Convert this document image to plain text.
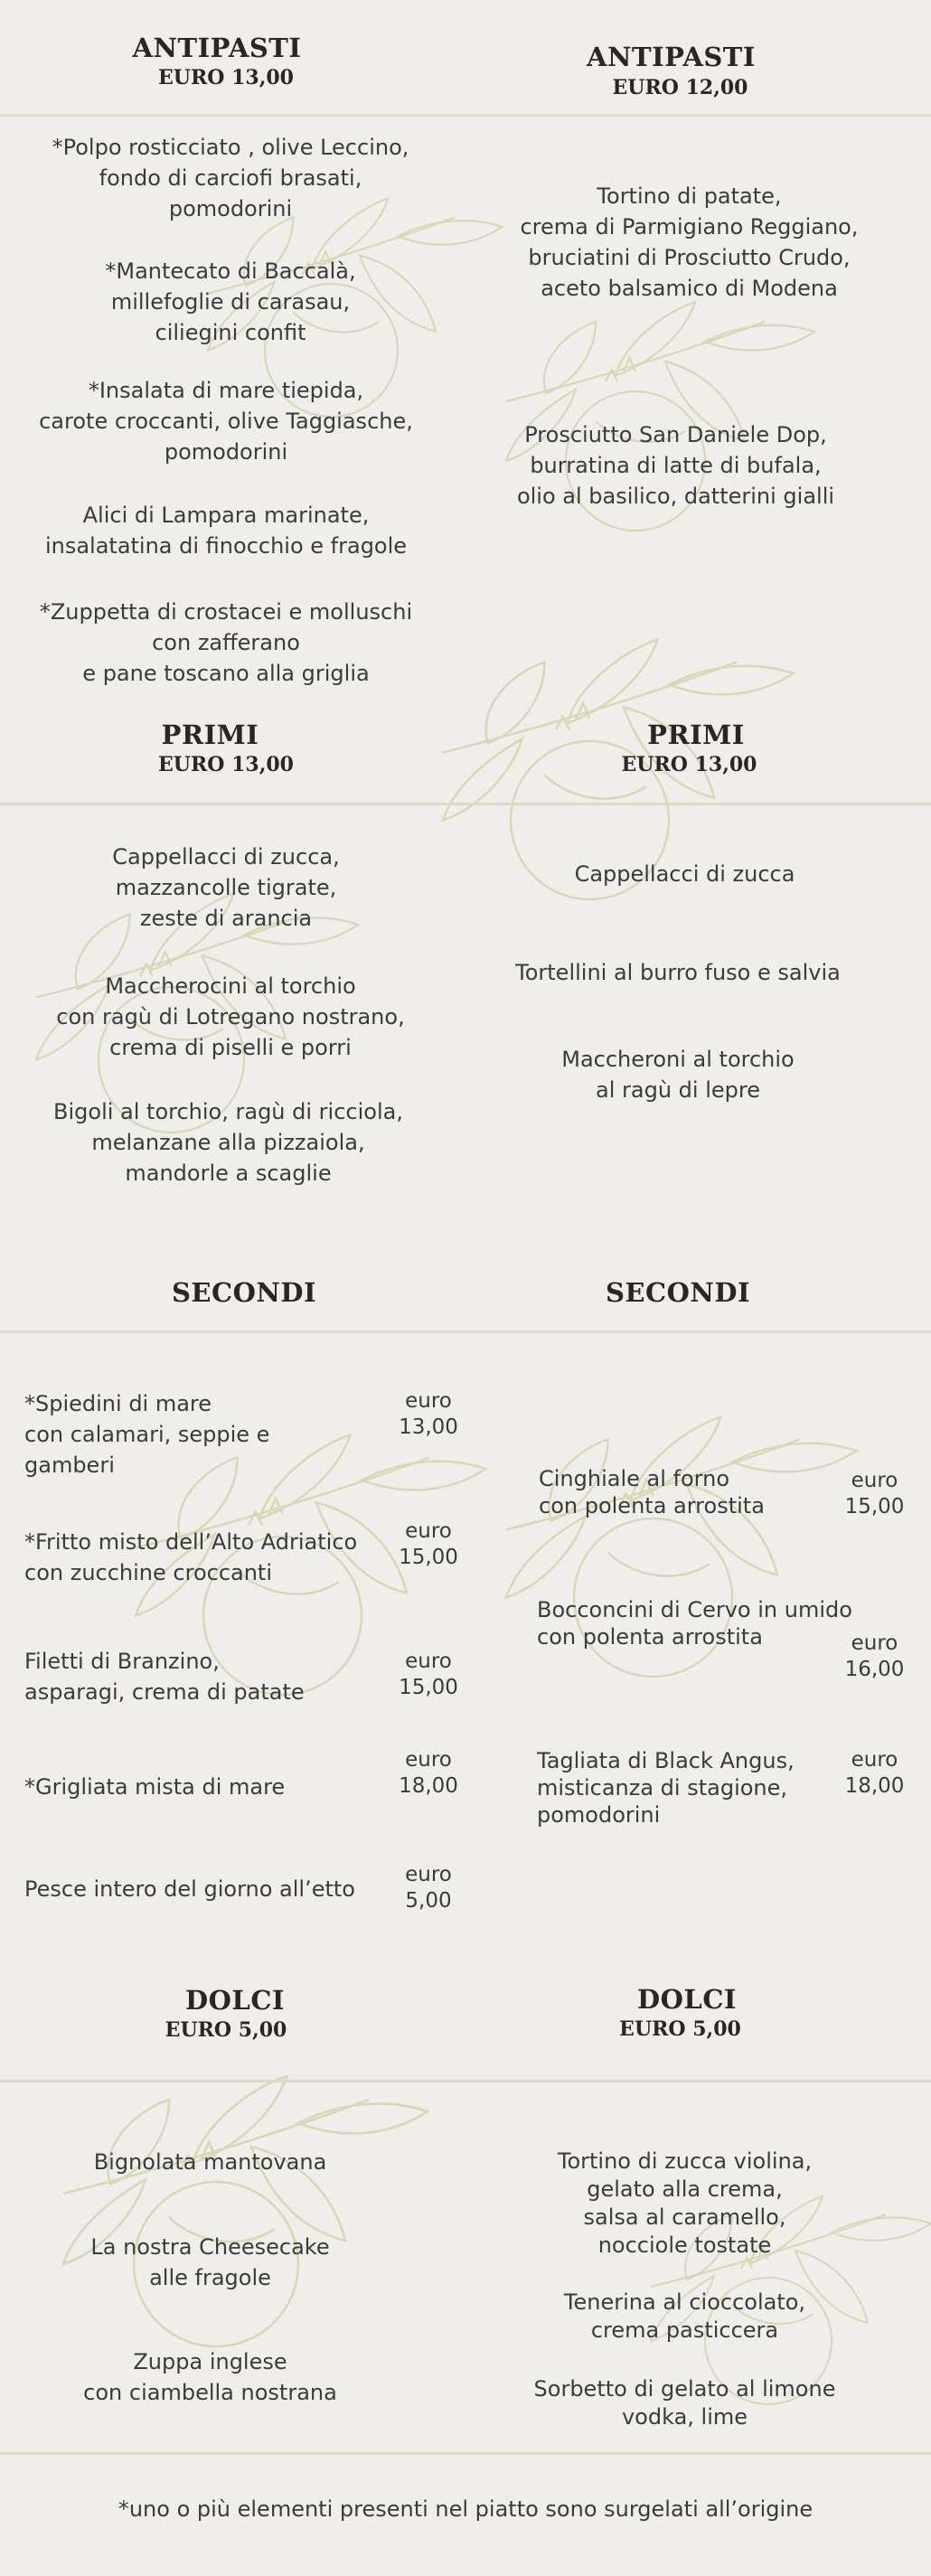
ANTIPASTI
EURO 13,00
ANTIPASTI
EURO 12,00
*Polpo rosticciato , olive Leccino,
fondo di carciofi brasati,
pomodorini
*Mantecato di Baccalà,
millefoglie di carasau,
ciliegini confit
*Insalata di mare tiepida,
carote croccanti, olive Taggiasche,
pomodorini
Alici di Lampara marinate,
insalatatina di finocchio e fragole
*Zuppetta di crostacei e molluschi
con zafferano
e pane toscano alla griglia
Tortino di patate,
crema di Parmigiano Reggiano,
bruciatini di Prosciutto Crudo,
aceto balsamico di Modena
Prosciutto San Daniele Dop,
burratina di latte di bufala,
olio al basilico, datterini gialli
PRIMI
EURO 13,00
PRIMI
EURO 13,00
Cappellacci di zucca,
mazzancolle tigrate,
zeste di arancia
Maccherocini al torchio
con ragù di Lotregano nostrano,
crema di piselli e porri
Bigoli al torchio, ragù di ricciola,
melanzane alla pizzaiola,
mandorle a scaglie
Cappellacci di zucca
Tortellini al burro fuso e salvia
Maccheroni al torchio
al ragù di lepre
SECONDI	SECONDI
*Spiedini di mare
con calamari, seppie e
gamberi
euro
13,00
*Fritto misto dell’Alto Adriatico
con zucchine croccanti
euro
15,00
Filetti di Branzino,
asparagi, crema di patate
euro
15,00
*Grigliata mista di mare
euro
18,00
Pesce intero del giorno all’etto
euro
5,00
Cinghiale al forno
con polenta arrostita
euro
15,00
Bocconcini di Cervo in umido
con polenta arrostita	euro
16,00
Tagliata di Black Angus,
misticanza di stagione,
pomodorini
euro
18,00
DOLCI
EURO 5,00
DOLCI
EURO 5,00
Bignolata mantovana
La nostra Cheesecake
alle fragole
Zuppa inglese
con ciambella nostrana
Tortino di zucca violina,
gelato alla crema,
salsa al caramello,
nocciole tostate
Tenerina al cioccolato,
crema pasticcera
Sorbetto di gelato al limone
vodka, lime
*uno o più elementi presenti nel piatto sono surgelati all’origine
